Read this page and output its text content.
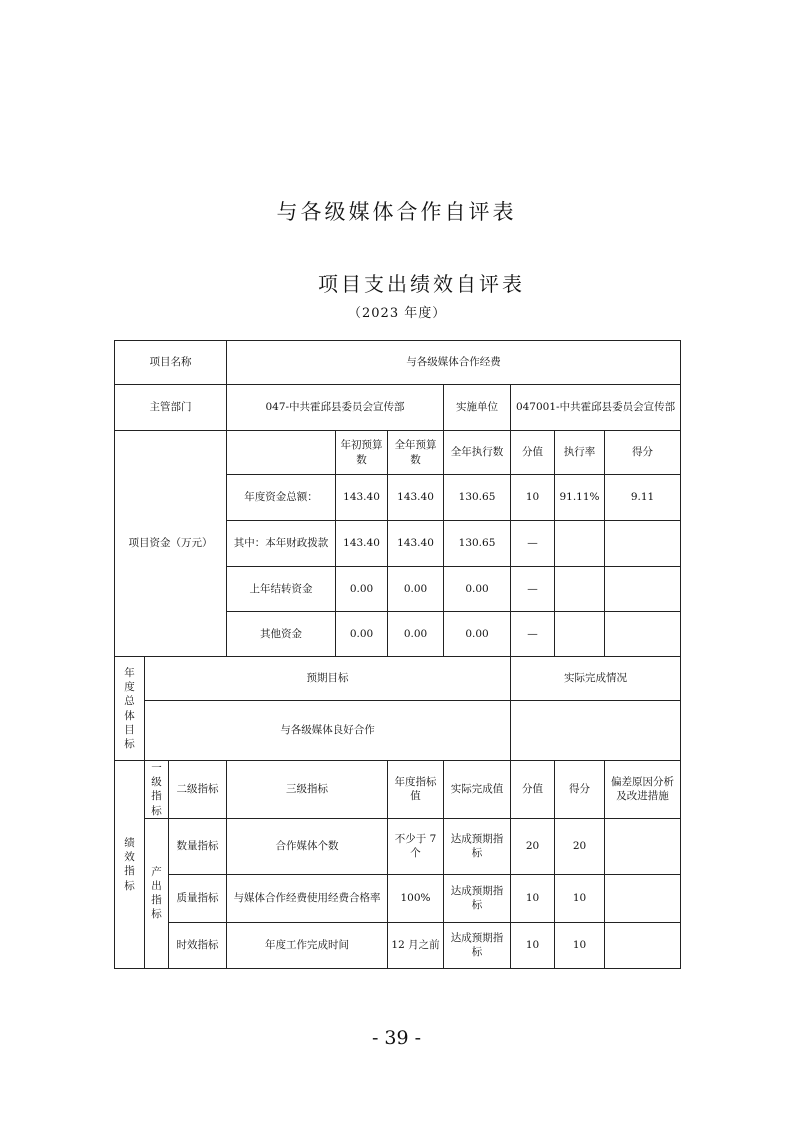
与各级媒体合作自评表
项目支出绩效自评表
（2023 年度）
项目名称			与各级媒体合作经费						
主管部门			047-中共霍邱县委员会宣传部			实施单位	047001-中共霍邱县委员会宣传部		
项目资金（万元）				年初预算数	全年预算数	全年执行数	分值	执行率	得分
			年度资金总额：	143.40	143.40	130.65	10	91.11%	9.11
			其中：本年财政拨款	143.40	143.40	130.65	—		
			上年结转资金	0.00	0.00	0.00	—		
			其他资金	0.00	0.00	0.00	—		
年度总体目标	预期目标						实际完成情况		
	与各级媒体良好合作								
绩效指标	一级指标	二级指标	三级指标		年度指标值	实际完成值	分值	得分	偏差原因分析及改进措施
	产出指标	数量指标	合作媒体个数		不少于 7 个	达成预期指标	20	20	
		质量指标	与媒体合作经费使用经费合格率		100%	达成预期指标	10	10	
		时效指标	年度工作完成时间		12 月之前	达成预期指标	10	10	
- 39 -
